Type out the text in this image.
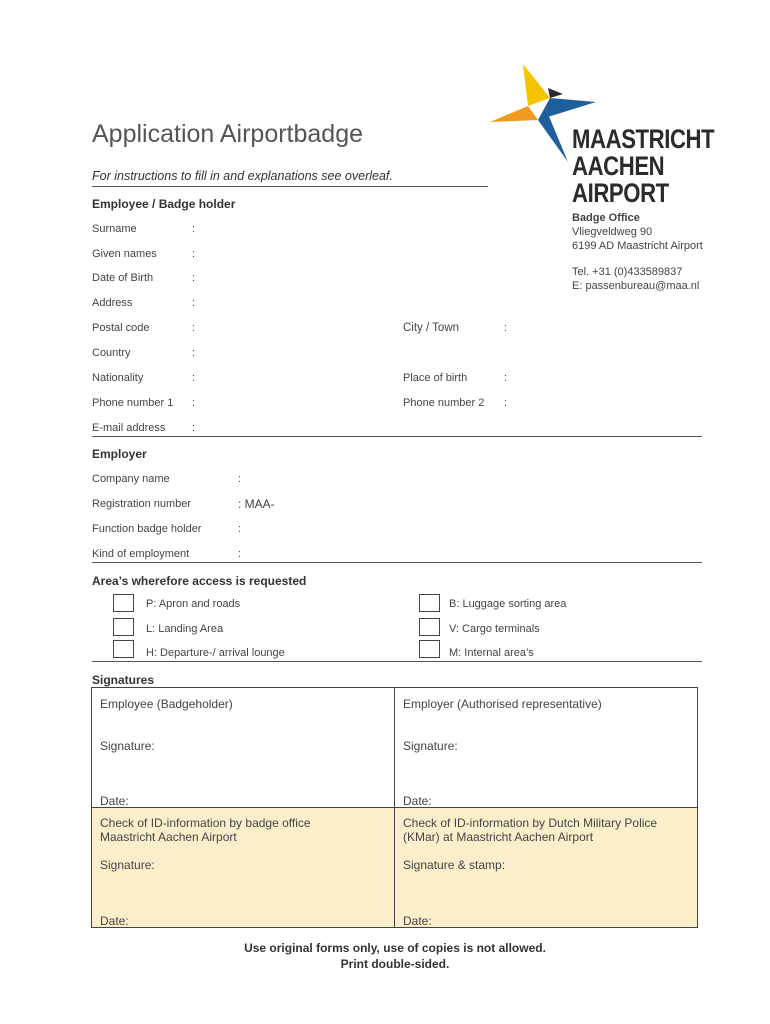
MAASTRICHT
AACHEN
AIRPORT
Application Airportbadge
For instructions to fill in and explanations see overleaf.
Badge Office
Vliegveldweg 90
6199 AD Maastricht Airport
Tel. +31 (0)433589837
E: passenbureau@maa.nl
Employee / Badge holder
Surname	:
Given names	:
Date of Birth	:
Address	:
Postal code	:	City / Town	:
Country	:
Nationality	:	Place of birth	:
Phone number 1 :	Phone number 2 :
E-mail address :
Employer
Company name	:
Registration number	: MAA-
Function badge holder	:
Kind of employment	:
Area’s wherefore access is requested
P: Apron and roads
L: Landing Area
H: Departure-/ arrival lounge
B: Luggage sorting area
V: Cargo terminals
M: Internal area’s
Signatures
Employee (Badgeholder)
Signature:
Date:
Employer (Authorised representative)
Signature:
Date:
Check of ID-information by badge office
Maastricht Aachen Airport
Signature:
Date:
Check of ID-information by Dutch Military Police
(KMar) at Maastricht Aachen Airport
Signature & stamp:
Date:
Use original forms only, use of copies is not allowed.
Print double-sided.
